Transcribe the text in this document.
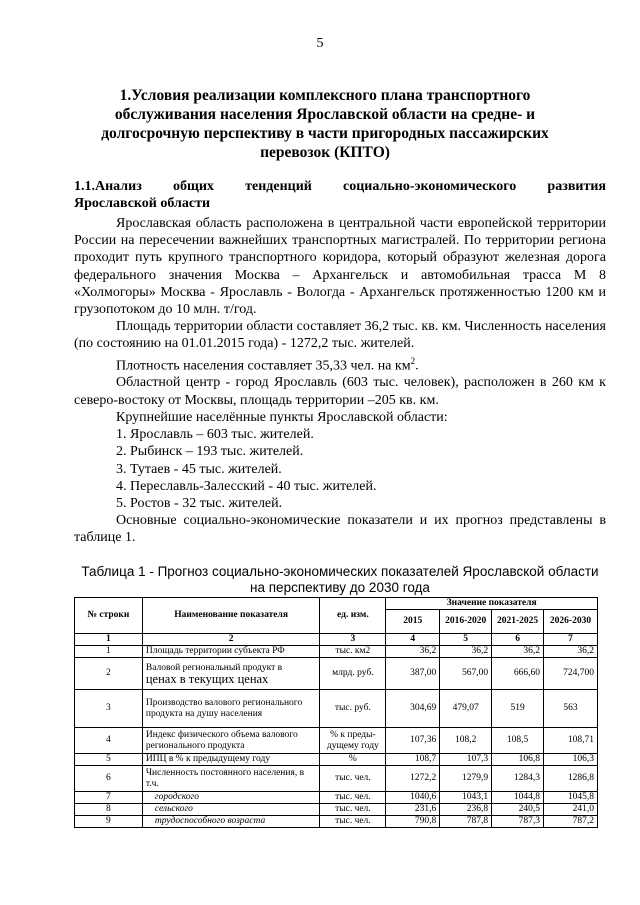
5
1.Условия реализации комплексного плана транспортного обслуживания населения Ярославской области на средне- и долгосрочную перспективу в части пригородных пассажирских перевозок (КПТО)
1.1.Анализ общих тенденций социально-экономического развития
Ярославской области

Ярославская область расположена в центральной части европейской территории России на пересечении важнейших транспортных магистралей. По территории региона проходит путь крупного транспортного коридора, который образуют железная дорога федерального значения Москва – Архангельск и автомобильная трасса М 8 «Холмогоры» Москва - Ярославль - Вологда - Архангельск протяженностью 1200 км и грузопотоком до 10 млн. т/год.

Площадь территории области составляет 36,2 тыс. кв. км. Численность населения (по состоянию на 01.01.2015 года) - 1272,2 тыс. жителей.

Плотность населения составляет 35,33 чел. на $км^2$.

Областной центр - город Ярославль (603 тыс. человек), расположен в 260 км к северо-востоку от Москвы, площадь территории –205 кв. км.

Крупнейшие населённые пункты Ярославской области:

1. Ярославль – 603 тыс. жителей.
2. Рыбинск – 193 тыс. жителей.
3. Тутаев - 45 тыс. жителей.
4. Переславль-Залесский - 40 тыс. жителей.
5. Ростов - 32 тыс. жителей.

Основные социально-экономические показатели и их прогноз представлены в таблице 1.

Таблица 1 - Прогноз социально-экономических показателей Ярославской области
на перспективу до 2030 года
№ строки	Наименование показателя	ед. изм.	Значение показателя			
			2015	2016-2020	2021-2025	2026-2030
1	2	3	4	5	6	7
1	Площадь территории субъекта РФ	тыс. км2	36,2	36,2	36,2	36,2
2	Валовой региональный продукт в
ценах в текущих ценах	млрд. руб.	387,00	567,00	666,60	724,700
3	Производство валового регионального продукта на душу населения	тыс. руб.	304,69	479,07	519	563
4	Индекс физического объема валового регионального продукта	% к преды-дущему году	107,36	108,2	108,5	108,71
5	ИПЦ в % к предыдущему году	%	108,7	107,3	106,8	106,3
6	Численность постоянного населения, в т.ч.	тыс. чел.	1272,2	1279,9	1284,3	1286,8
7	городского	тыс. чел.	1040,6	1043,1	1044,8	1045,8
8	сельского	тыс. чел.	231,6	236,8	240,5	241,0
9	трудоспособного возраста	тыс. чел.	790,8	787,8	787,3	787,2
